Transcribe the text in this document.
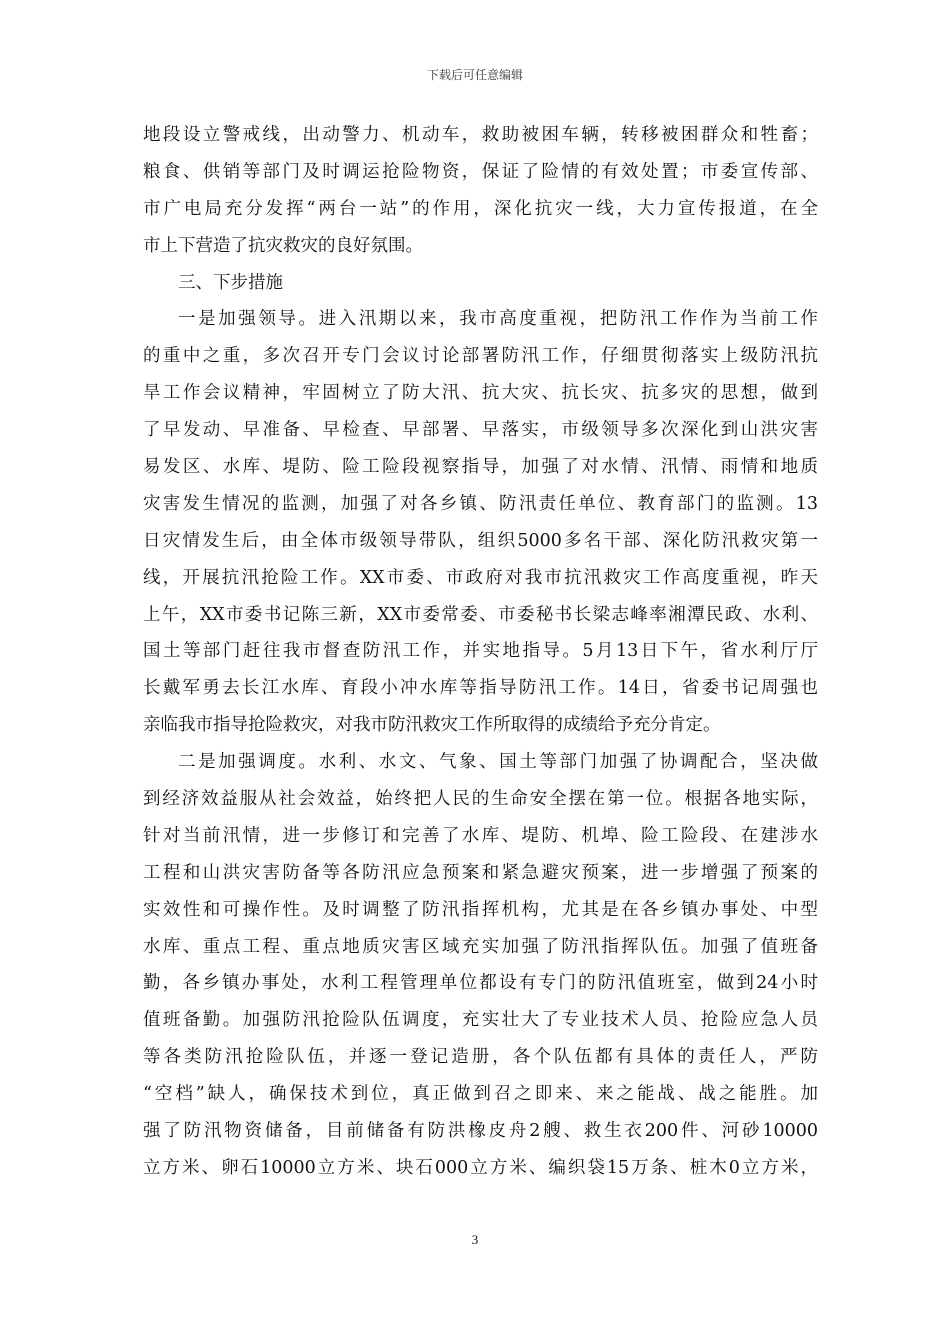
下载后可任意编辑
地段设立警戒线，出动警力、机动车，救助被困车辆，转移被困群众和牲畜；
粮食、供销等部门及时调运抢险物资，保证了险情的有效处置；市委宣传部、
市广电局充分发挥“两台一站”的作用，深化抗灾一线，大力宣传报道，在全
市上下营造了抗灾救灾的良好氛围。
三、下步措施
一是加强领导。进入汛期以来，我市高度重视，把防汛工作作为当前工作
的重中之重，多次召开专门会议讨论部署防汛工作，仔细贯彻落实上级防汛抗
旱工作会议精神，牢固树立了防大汛、抗大灾、抗长灾、抗多灾的思想，做到
了早发动、早准备、早检查、早部署、早落实，市级领导多次深化到山洪灾害
易发区、水库、堤防、险工险段视察指导，加强了对水情、汛情、雨情和地质
灾害发生情况的监测，加强了对各乡镇、防汛责任单位、教育部门的监测。13
日灾情发生后，由全体市级领导带队，组织5000多名干部、深化防汛救灾第一
线，开展抗汛抢险工作。XX市委、市政府对我市抗汛救灾工作高度重视，昨天
上午，XX市委书记陈三新，XX市委常委、市委秘书长梁志峰率湘潭民政、水利、
国土等部门赶往我市督查防汛工作，并实地指导。5月13日下午，省水利厅厅
长戴军勇去长江水库、育段小冲水库等指导防汛工作。14日，省委书记周强也
亲临我市指导抢险救灾，对我市防汛救灾工作所取得的成绩给予充分肯定。
二是加强调度。水利、水文、气象、国土等部门加强了协调配合，坚决做
到经济效益服从社会效益，始终把人民的生命安全摆在第一位。根据各地实际，
针对当前汛情，进一步修订和完善了水库、堤防、机埠、险工险段、在建涉水
工程和山洪灾害防备等各防汛应急预案和紧急避灾预案，进一步增强了预案的
实效性和可操作性。及时调整了防汛指挥机构，尤其是在各乡镇办事处、中型
水库、重点工程、重点地质灾害区域充实加强了防汛指挥队伍。加强了值班备
勤，各乡镇办事处，水利工程管理单位都设有专门的防汛值班室，做到24小时
值班备勤。加强防汛抢险队伍调度，充实壮大了专业技术人员、抢险应急人员
等各类防汛抢险队伍，并逐一登记造册，各个队伍都有具体的责任人，严防
“空档”缺人，确保技术到位，真正做到召之即来、来之能战、战之能胜。加
强了防汛物资储备，目前储备有防洪橡皮舟2艘、救生衣200件、河砂10000
立方米、卵石10000立方米、块石000立方米、编织袋15万条、桩木0立方米，
3
